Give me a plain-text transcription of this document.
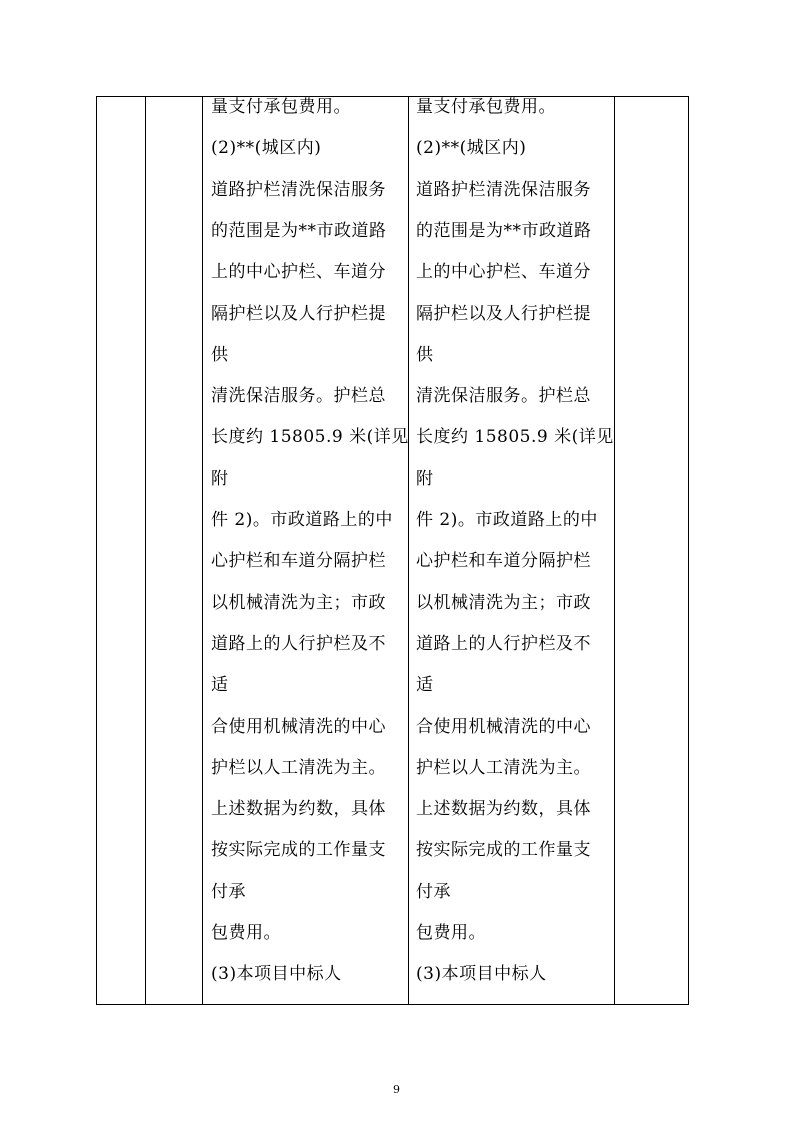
量支付承包费用。
(2)**(城区内)
道路护栏清洗保洁服务
的范围是为**市政道路
上的中心护栏、车道分
隔护栏以及人行护栏提
供
清洗保洁服务。护栏总
长度约 15805.9 米(详见
附
件 2)。市政道路上的中
心护栏和车道分隔护栏
以机械清洗为主；市政
道路上的人行护栏及不
适
合使用机械清洗的中心
护栏以人工清洗为主。
上述数据为约数，具体
按实际完成的工作量支
付承
包费用。
(3)本项目中标人
量支付承包费用。
(2)**(城区内)
道路护栏清洗保洁服务
的范围是为**市政道路
上的中心护栏、车道分
隔护栏以及人行护栏提
供
清洗保洁服务。护栏总
长度约 15805.9 米(详见
附
件 2)。市政道路上的中
心护栏和车道分隔护栏
以机械清洗为主；市政
道路上的人行护栏及不
适
合使用机械清洗的中心
护栏以人工清洗为主。
上述数据为约数，具体
按实际完成的工作量支
付承
包费用。
(3)本项目中标人
9
